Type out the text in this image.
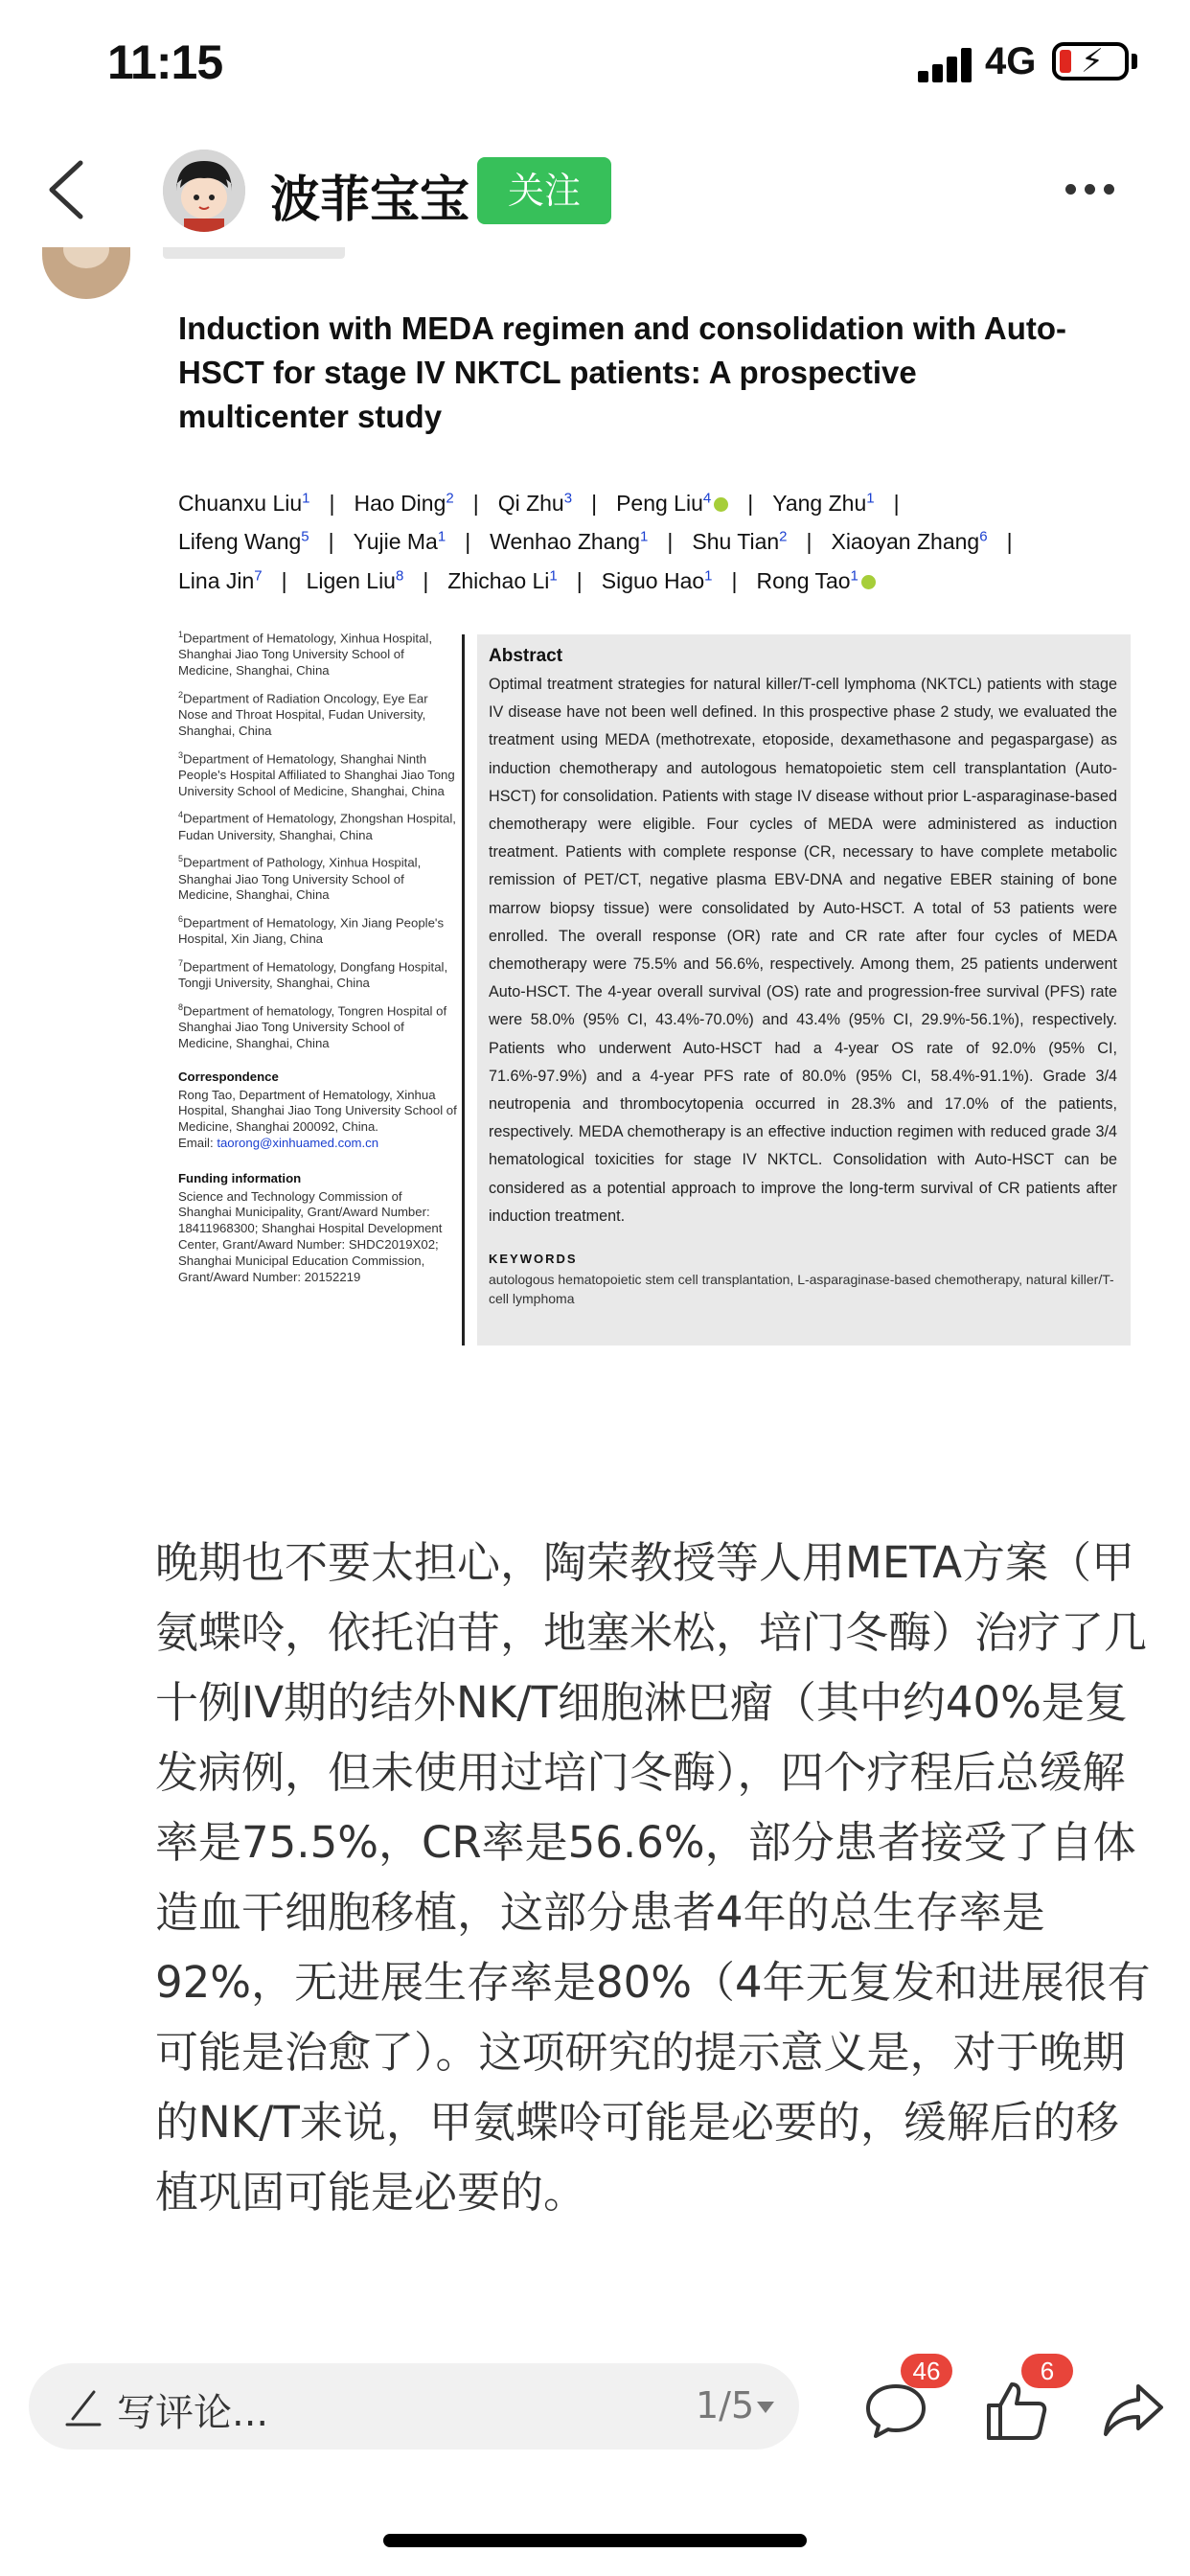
11:15	4G ⚡
波菲宝宝	关注
Induction with MEDA regimen and consolidation with Auto-HSCT for stage IV NKTCL patients: A prospective multicenter study
Chuanxu Liu$^1$ | Hao Ding$^2$ | Qi Zhu$^3$ | Peng Liu$^4$ | Yang Zhu$^1$ |
Lifeng Wang$^5$ | Yujie Ma$^1$ | Wenhao Zhang$^1$ | Shu Tian$^2$ | Xiaoyan Zhang$^6$ |
Lina Jin$^7$ | Ligen Liu$^8$ | Zhichao Li$^1$ | Siguo Hao$^1$ | Rong Tao$^1$

$^1$Department of Hematology, Xinhua Hospital, Shanghai Jiao Tong University School of Medicine, Shanghai, China

$^2$Department of Radiation Oncology, Eye Ear Nose and Throat Hospital, Fudan University, Shanghai, China

$^3$Department of Hematology, Shanghai Ninth People's Hospital Affiliated to Shanghai Jiao Tong University School of Medicine, Shanghai, China

$^4$Department of Hematology, Zhongshan Hospital, Fudan University, Shanghai, China

$^5$Department of Pathology, Xinhua Hospital, Shanghai Jiao Tong University School of Medicine, Shanghai, China

$^6$Department of Hematology, Xin Jiang People's Hospital, Xin Jiang, China

$^7$Department of Hematology, Dongfang Hospital, Tongji University, Shanghai, China

$^8$Department of hematology, Tongren Hospital of Shanghai Jiao Tong University School of Medicine, Shanghai, China

Correspondence

Rong Tao, Department of Hematology, Xinhua Hospital, Shanghai Jiao Tong University School of Medicine, Shanghai 200092, China.
Email: taorong@xinhuamed.com.cn

Funding information

Science and Technology Commission of Shanghai Municipality, Grant/Award Number: 18411968300; Shanghai Hospital Development Center, Grant/Award Number: SHDC2019X02; Shanghai Municipal Education Commission, Grant/Award Number: 20152219

Abstract
Optimal treatment strategies for natural killer/T-cell lymphoma (NKTCL) patients with stage IV disease have not been well defined. In this prospective phase 2 study, we evaluated the treatment using MEDA (methotrexate, etoposide, dexamethasone and pegaspargase) as induction chemotherapy and autologous hematopoietic stem cell transplantation (Auto-HSCT) for consolidation. Patients with stage IV disease without prior L-asparaginase-based chemotherapy were eligible. Four cycles of MEDA were administered as induction treatment. Patients with complete response (CR, necessary to have complete metabolic remission of PET/CT, negative plasma EBV-DNA and negative EBER staining of bone marrow biopsy tissue) were consolidated by Auto-HSCT. A total of 53 patients were enrolled. The overall response (OR) rate and CR rate after four cycles of MEDA chemotherapy were 75.5% and 56.6%, respectively. Among them, 25 patients underwent Auto-HSCT. The 4-year overall survival (OS) rate and progression-free survival (PFS) rate were 58.0% (95% CI, 43.4%-70.0%) and 43.4% (95% CI, 29.9%-56.1%), respectively. Patients who underwent Auto-HSCT had a 4-year OS rate of 92.0% (95% CI, 71.6%-97.9%) and a 4-year PFS rate of 80.0% (95% CI, 58.4%-91.1%). Grade 3/4 neutropenia and thrombocytopenia occurred in 28.3% and 17.0% of the patients, respectively. MEDA chemotherapy is an effective induction regimen with reduced grade 3/4 hematological toxicities for stage IV NKTCL. Consolidation with Auto-HSCT can be considered as a potential approach to improve the long-term survival of CR patients after induction treatment.
KEYWORDS
autologous hematopoietic stem cell transplantation, L-asparaginase-based chemotherapy, natural killer/T-cell lymphoma
晚期也不要太担心，陶荣教授等人用META方案（甲氨蝶呤，依托泊苷，地塞米松，培门冬酶）治疗了几十例IV期的结外NK/T细胞淋巴瘤（其中约40%是复发病例，但未使用过培门冬酶），四个疗程后总缓解率是75.5%，CR率是56.6%，部分患者接受了自体造血干细胞移植，这部分患者4年的总生存率是92%，无进展生存率是80%（4年无复发和进展很有可能是治愈了）。这项研究的提示意义是，对于晚期的NK/T来说，甲氨蝶呤可能是必要的，缓解后的移植巩固可能是必要的。
写评论...	1/5
46	6
